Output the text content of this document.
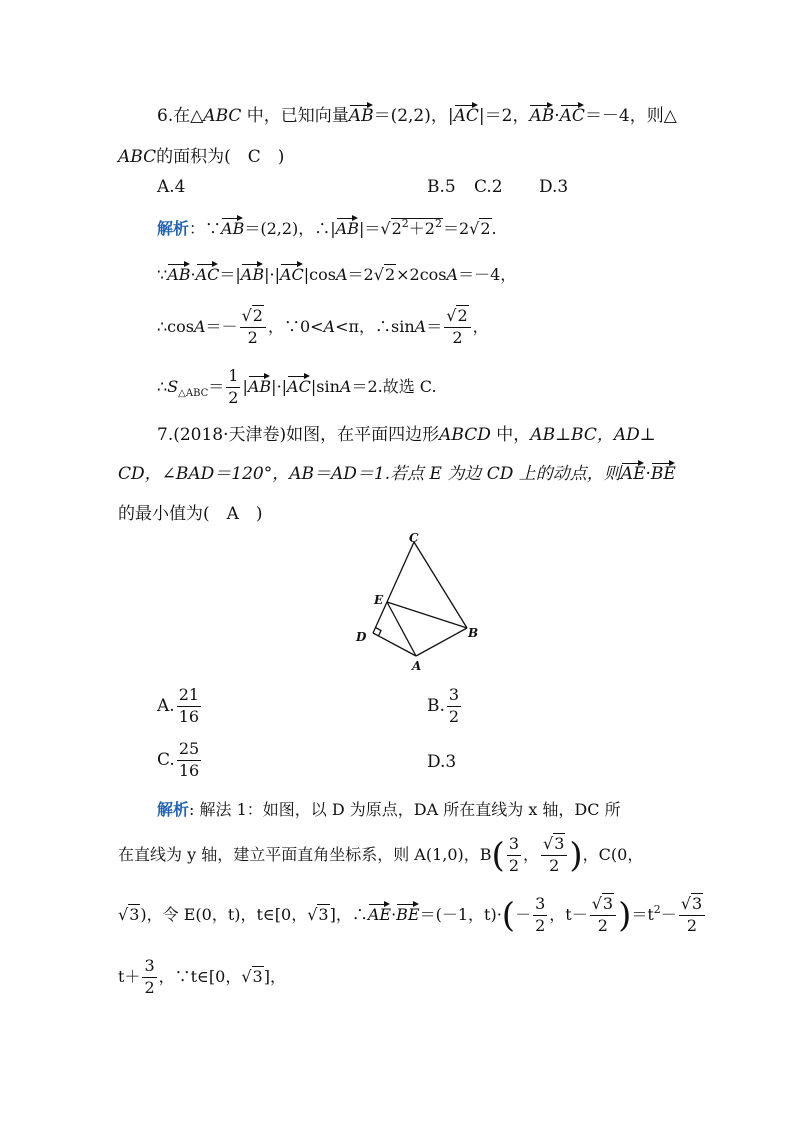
6.在△ABC 中，已知向量AB＝(2,2)，|AC|＝2，AB·AC＝－4，则△
ABC的面积为(　C　)
A.4	B.5 C.2 D.3
解析：∵AB＝(2,2)，$\therefore|AB|=√2^2+2^2=2√2$.
∵AB·AC＝|AB|·|AC|cosA＝2√2×2cosA＝－4，
∴cosA＝－ $\frac{√2}{2}$ ，∵0<A<π，∴sinA＝ $\frac{√2}{2}$ ，
$\therefore S_{\triangle ABC}= \frac{1}{2} |AB|\cdot|AC|\sin A=2$.故选 C.
7.(2018·天津卷)如图，在平面四边形ABCD 中，AB⊥BC，AD⊥
CD，∠BAD＝120°，AB＝AD＝1.若点 E 为边 CD 上的动点，则AE·BE
的最小值为(　A　)
C
E
D	B
A
A. $\frac{21}{16}$	B. $\frac{3}{2}$
C. $\frac{25}{16}$	D.3
解析: 解法 1：如图，以 D 为原点，DA 所在直线为 x 轴，DC 所
在直线为 y 轴，建立平面直角坐标系，则 A(1,0)，$B( \frac{3}{2}$ ， $\frac{√3}{2}$ )，C(0，
√3)，令 E(0，t)，t∈[0，√3]，∴AE·BE＝(－1，$t)\cdot(- \frac{3}{2}$ ，$t- \frac{√3}{2} )=t^2- \frac{√3}{2}$
$t+ \frac{3}{2}$ ，∵t∈[0，√3]，
